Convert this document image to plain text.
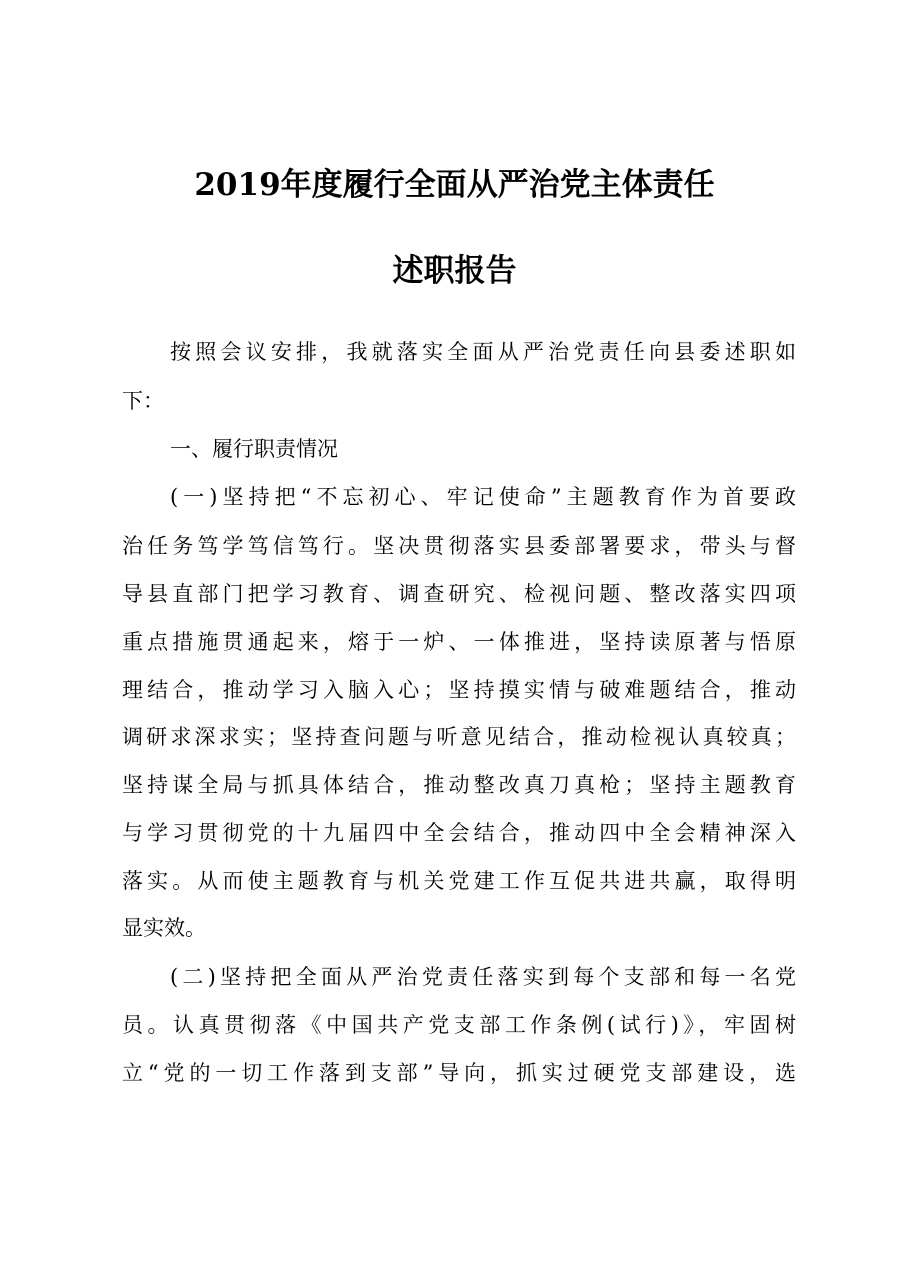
2019年度履行全面从严治党主体责任
述职报告
按照会议安排，我就落实全面从严治党责任向县委述职如
下：
一、履行职责情况
(一)坚持把“不忘初心、牢记使命”主题教育作为首要政
治任务笃学笃信笃行。坚决贯彻落实县委部署要求，带头与督
导县直部门把学习教育、调查研究、检视问题、整改落实四项
重点措施贯通起来，熔于一炉、一体推进，坚持读原著与悟原
理结合，推动学习入脑入心；坚持摸实情与破难题结合，推动
调研求深求实；坚持查问题与听意见结合，推动检视认真较真；
坚持谋全局与抓具体结合，推动整改真刀真枪；坚持主题教育
与学习贯彻党的十九届四中全会结合，推动四中全会精神深入
落实。从而使主题教育与机关党建工作互促共进共赢，取得明
显实效。
(二)坚持把全面从严治党责任落实到每个支部和每一名党
员。认真贯彻落《中国共产党支部工作条例(试行)》，牢固树
立“党的一切工作落到支部”导向，抓实过硬党支部建设，选
